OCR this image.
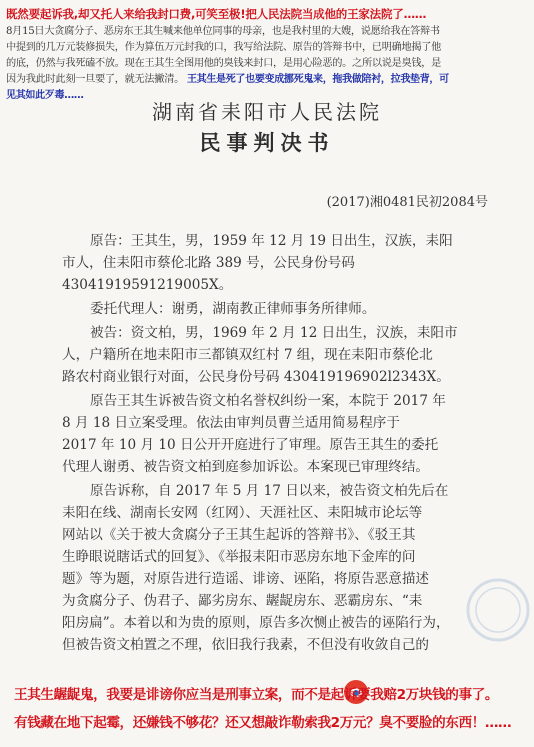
既然要起诉我,却又托人来给我封口费,可笑至极!把人民法院当成他的王家法院了……
8月15日大贪腐分子、恶房东王其生喊来他单位同事的母亲，也是我村里的大嫂，说愿给我在答辩书
中提到的几万元装修损失，作为算伍万元封我的口，我写给法院、原告的答辩书中，已明确地揭了他
的底，仍然与我死磕不放。现在王其生全图用他的臭钱来封口，是用心险恶的。之所以说是臭钱，是
因为我此时此刻一旦要了，就无法撇清。 王其生是死了也要变成挪死鬼来，拖我做陪衬，拉我垫背，可
见其如此歹毒……
湖南省耒阳市人民法院
民事判决书
(2017)湘0481民初2084号
原告：王其生，男，1959 年 12 月 19 日出生，汉族，耒阳
市人，住耒阳市蔡伦北路 389 号，公民身份号码
43041919591219005X。
委托代理人：谢勇，湖南教正律师事务所律师。
被告：资文柏，男，1969 年 2 月 12 日出生，汉族，耒阳市
人，户籍所在地耒阳市三都镇双红村 7 组，现在耒阳市蔡伦北
路农村商业银行对面，公民身份号码 430419196902l2343X。
原告王其生诉被告资文柏名誉权纠纷一案，本院于 2017 年
8 月 18 日立案受理。依法由审判员曹兰适用简易程序于
2017 年 10 月 10 日公开开庭进行了审理。原告王其生的委托
代理人谢勇、被告资文柏到庭参加诉讼。本案现已审理终结。
原告诉称，自 2017 年 5 月 17 日以来，被告资文柏先后在
耒阳在线、湖南长安网（红网）、天涯社区、耒阳城市论坛等
网站以《关于被大贪腐分子王其生起诉的答辩书》、《驳王其
生睁眼说瞎话式的回复》、《举报耒阳市恶房东地下金库的问
题》等为题，对原告进行造谣、诽谤、诬陷，将原告恶意描述
为贪腐分子、伪君子、鄙劣房东、龌龊房东、恶霸房东、“耒
阳房扁”。本着以和为贵的原则，原告多次恻止被告的诬陷行为，
但被告资文柏置之不理，依旧我行我素，不但没有收敛自己的
王其生龌龊鬼，我要是诽谤你应当是刑事立案，而不是起诉要我赔2万块钱的事了。
有钱藏在地下起霉，还嫌钱不够花？还又想敲诈勒索我2万元？臭不要脸的东西！……
